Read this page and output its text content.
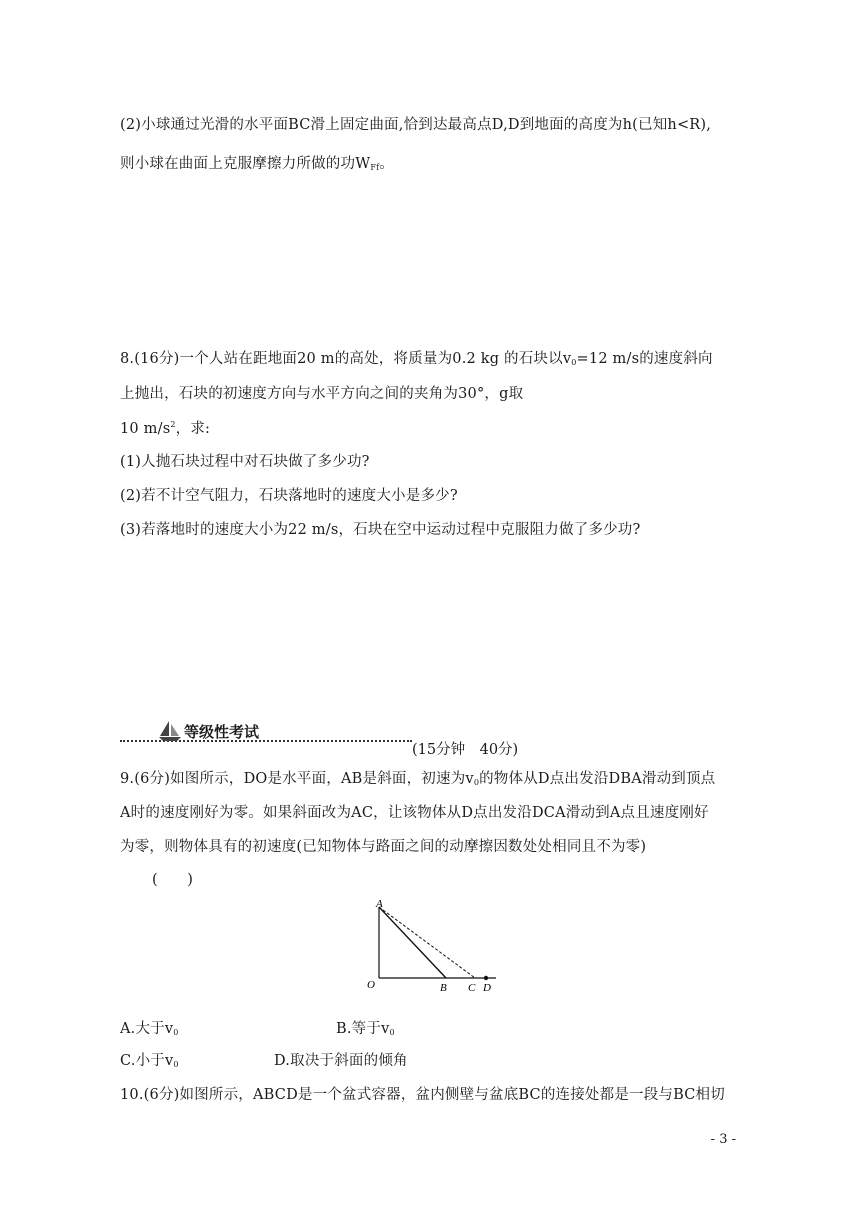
(2)小球通过光滑的水平面BC滑上固定曲面,恰到达最高点D,D到地面的高度为h(已知h<R),
则小球在曲面上克服摩擦力所做的功$W_{Ff}$。
8.(16分)一个人站在距地面20 m的高处，将质量为0.2 kg 的石块以$v_0=12$ m/s的速度斜向
上抛出，石块的初速度方向与水平方向之间的夹角为30°，g取
10 $m/s^2$，求:
(1)人抛石块过程中对石块做了多少功?
(2)若不计空气阻力，石块落地时的速度大小是多少?
(3)若落地时的速度大小为22 m/s，石块在空中运动过程中克服阻力做了多少功?
等级性考试
(15分钟　40分)
9.(6分)如图所示，DO是水平面，AB是斜面，初速为$v_0$的物体从D点出发沿DBA滑动到顶点
A时的速度刚好为零。如果斜面改为AC，让该物体从D点出发沿DCA滑动到A点且速度刚好
为零，则物体具有的初速度(已知物体与路面之间的动摩擦因数处处相同且不为零)
(　　)
A
O	B C D
A.大于$v_0$	B.等于$v_0$
C.小于$v_0$	D.取决于斜面的倾角
10.(6分)如图所示，ABCD是一个盆式容器，盆内侧壁与盆底BC的连接处都是一段与BC相切
- 3 -
